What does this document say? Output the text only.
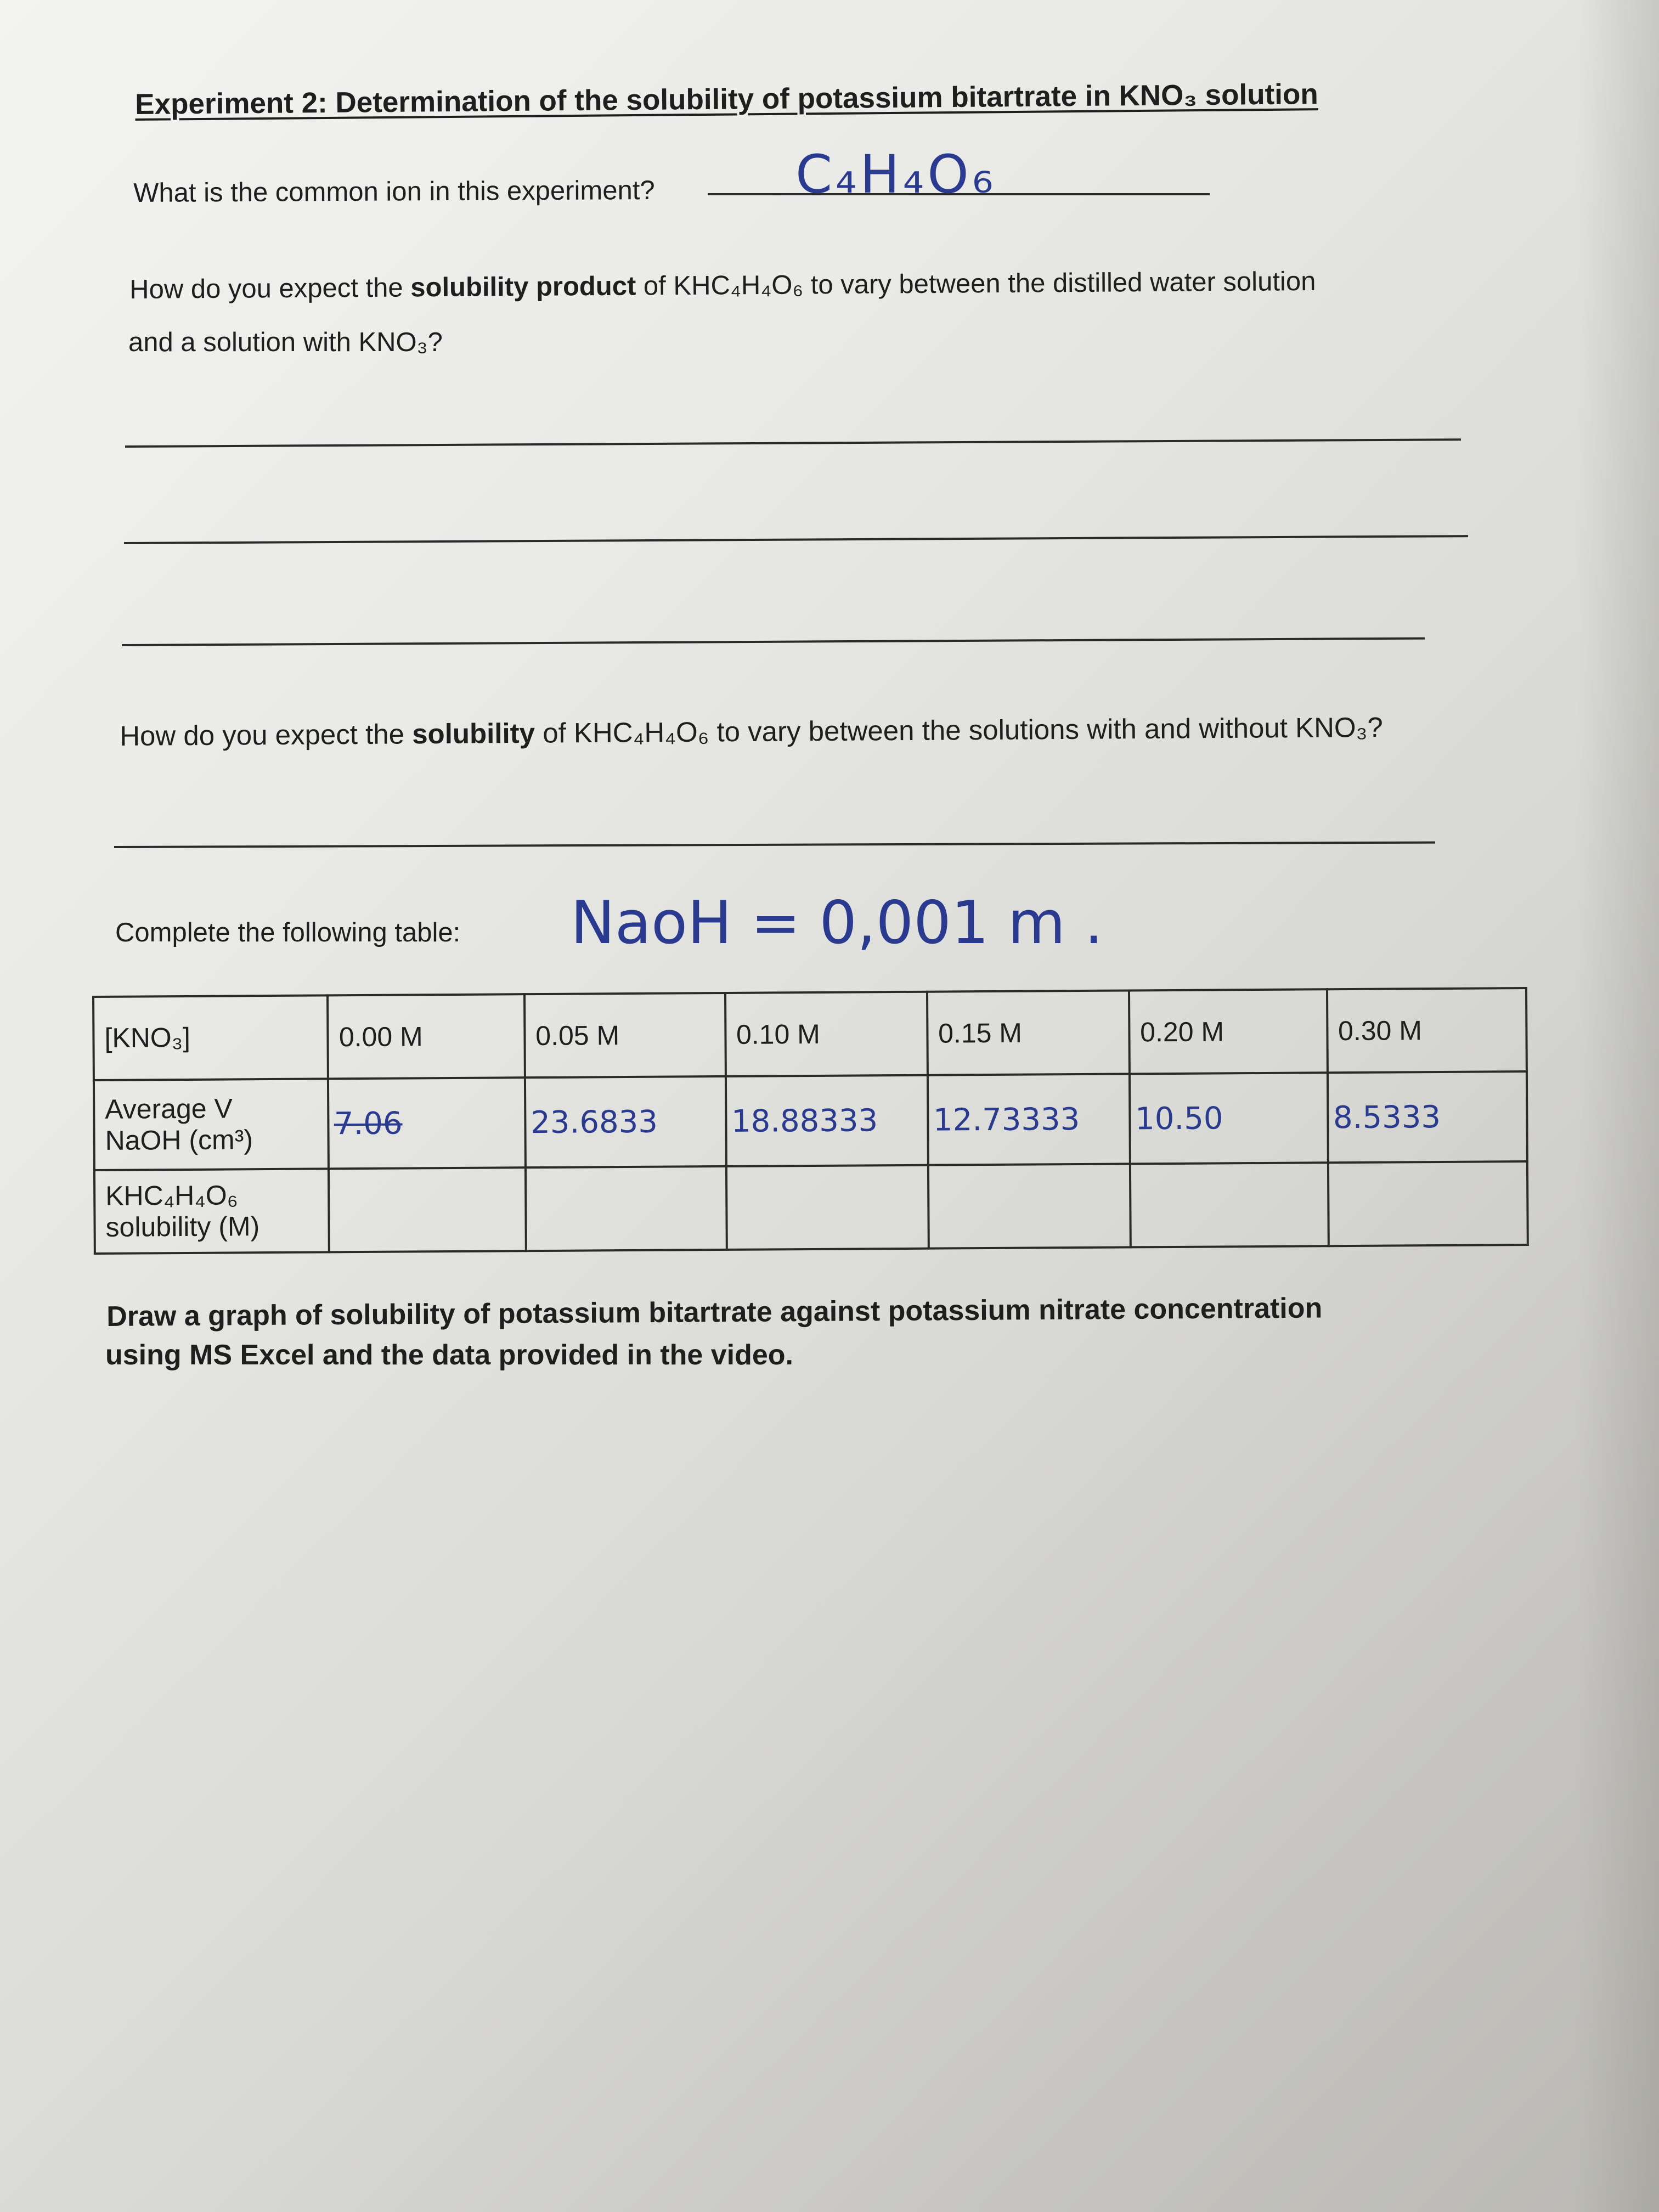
Experiment 2: Determination of the solubility of potassium bitartrate in KNO₃ solution
What is the common ion in this experiment?	C₄H₄O₆
How do you expect the solubility product of KHC₄H₄O₆ to vary between the distilled water solution
and a solution with KNO₃?
How do you expect the solubility of KHC₄H₄O₆ to vary between the solutions with and without KNO₃?
Complete the following table: NaoH = 0,001 m .
[KNO₃]	0.00 M	0.05 M	0.10 M	0.15 M	0.20 M	0.30 M

Average V
NaOH (cm³)	7.06	23.6833	18.88333	12.73333	10.50	8.5333

KHC₄H₄O₆
solubility (M)						

Draw a graph of solubility of potassium bitartrate against potassium nitrate concentration
using MS Excel and the data provided in the video.
